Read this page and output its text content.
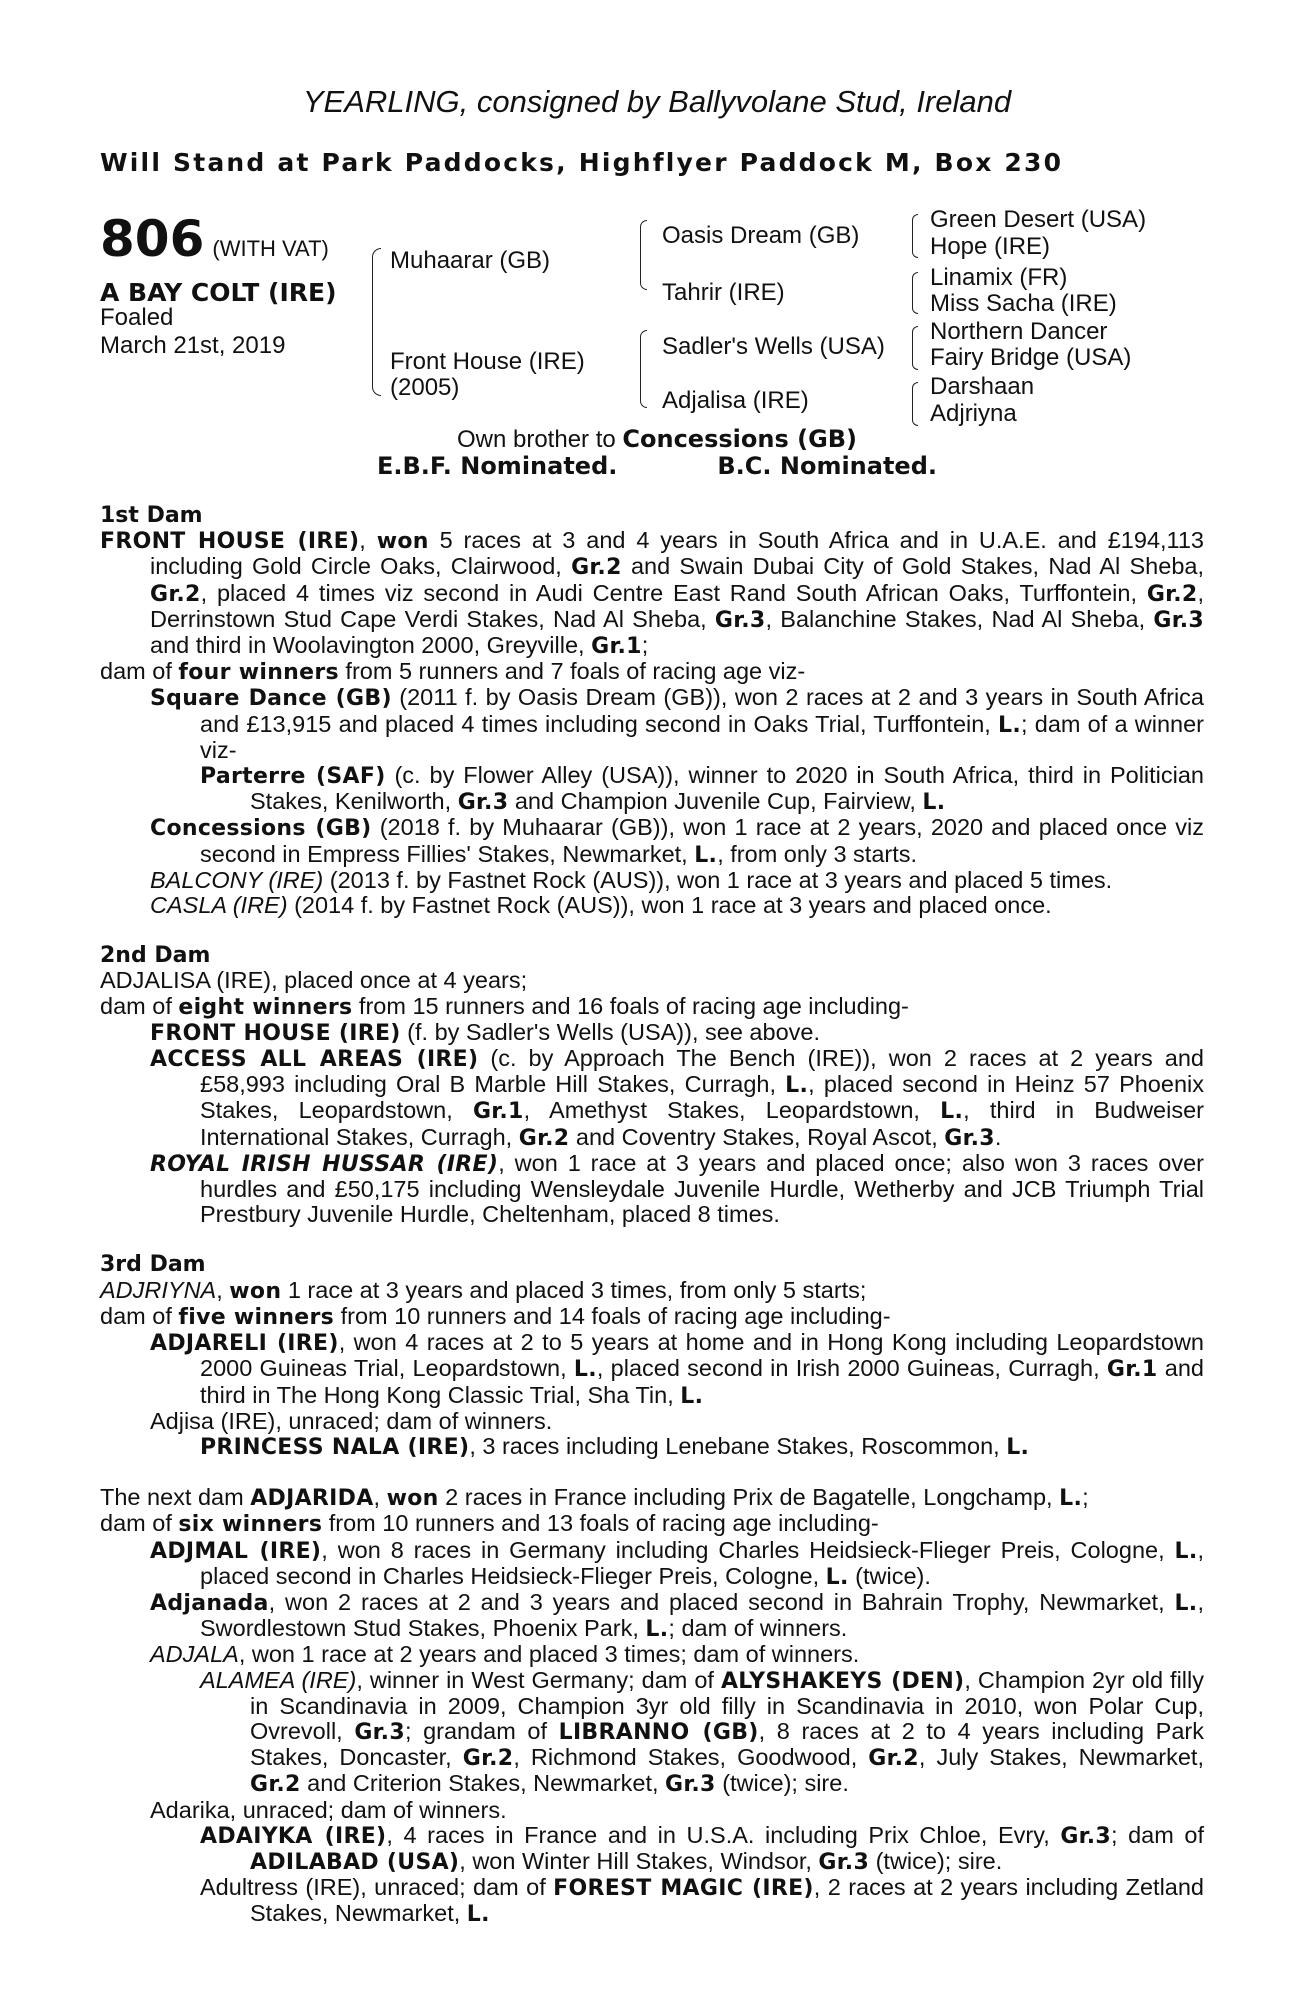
YEARLING, consigned by Ballyvolane Stud, Ireland
Will Stand at Park Paddocks, Highflyer Paddock M, Box 230
806 (WITH VAT)
A BAY COLT (IRE)
Foaled
March 21st, 2019
Muhaarar (GB)
Front House (IRE)
(2005)
Oasis Dream (GB)
Tahrir (IRE)
Sadler's Wells (USA)
Adjalisa (IRE)
Green Desert (USA)
Hope (IRE)
Linamix (FR)
Miss Sacha (IRE)
Northern Dancer
Fairy Bridge (USA)
Darshaan
Adjriyna
Own brother to Concessions (GB)
E.B.F. Nominated.	B.C. Nominated.
1st Dam
FRONT HOUSE (IRE), won 5 races at 3 and 4 years in South Africa and in U.A.E. and £194,113 including Gold Circle Oaks, Clairwood, Gr.2 and Swain Dubai City of Gold Stakes, Nad Al Sheba, Gr.2, placed 4 times viz second in Audi Centre East Rand South African Oaks, Turffontein, Gr.2, Derrinstown Stud Cape Verdi Stakes, Nad Al Sheba, Gr.3, Balanchine Stakes, Nad Al Sheba, Gr.3 and third in Woolavington 2000, Greyville, Gr.1;
dam of four winners from 5 runners and 7 foals of racing age viz-
Square Dance (GB) (2011 f. by Oasis Dream (GB)), won 2 races at 2 and 3 years in South Africa and £13,915 and placed 4 times including second in Oaks Trial, Turffontein, L.; dam of a winner viz-
Parterre (SAF) (c. by Flower Alley (USA)), winner to 2020 in South Africa, third in Politician Stakes, Kenilworth, Gr.3 and Champion Juvenile Cup, Fairview, L.
Concessions (GB) (2018 f. by Muhaarar (GB)), won 1 race at 2 years, 2020 and placed once viz second in Empress Fillies' Stakes, Newmarket, L., from only 3 starts.
BALCONY (IRE) (2013 f. by Fastnet Rock (AUS)), won 1 race at 3 years and placed 5 times.
CASLA (IRE) (2014 f. by Fastnet Rock (AUS)), won 1 race at 3 years and placed once.
2nd Dam
ADJALISA (IRE), placed once at 4 years;
dam of eight winners from 15 runners and 16 foals of racing age including-
FRONT HOUSE (IRE) (f. by Sadler's Wells (USA)), see above.
ACCESS ALL AREAS (IRE) (c. by Approach The Bench (IRE)), won 2 races at 2 years and £58,993 including Oral B Marble Hill Stakes, Curragh, L., placed second in Heinz 57 Phoenix Stakes, Leopardstown, Gr.1, Amethyst Stakes, Leopardstown, L., third in Budweiser International Stakes, Curragh, Gr.2 and Coventry Stakes, Royal Ascot, Gr.3.
ROYAL IRISH HUSSAR (IRE), won 1 race at 3 years and placed once; also won 3 races over hurdles and £50,175 including Wensleydale Juvenile Hurdle, Wetherby and JCB Triumph Trial Prestbury Juvenile Hurdle, Cheltenham, placed 8 times.
3rd Dam
ADJRIYNA, won 1 race at 3 years and placed 3 times, from only 5 starts;
dam of five winners from 10 runners and 14 foals of racing age including-
ADJARELI (IRE), won 4 races at 2 to 5 years at home and in Hong Kong including Leopardstown 2000 Guineas Trial, Leopardstown, L., placed second in Irish 2000 Guineas, Curragh, Gr.1 and third in The Hong Kong Classic Trial, Sha Tin, L.
Adjisa (IRE), unraced; dam of winners.
PRINCESS NALA (IRE), 3 races including Lenebane Stakes, Roscommon, L.
The next dam ADJARIDA, won 2 races in France including Prix de Bagatelle, Longchamp, L.;
dam of six winners from 10 runners and 13 foals of racing age including-
ADJMAL (IRE), won 8 races in Germany including Charles Heidsieck-Flieger Preis, Cologne, L., placed second in Charles Heidsieck-Flieger Preis, Cologne, L. (twice).
Adjanada, won 2 races at 2 and 3 years and placed second in Bahrain Trophy, Newmarket, L., Swordlestown Stud Stakes, Phoenix Park, L.; dam of winners.
ADJALA, won 1 race at 2 years and placed 3 times; dam of winners.
ALAMEA (IRE), winner in West Germany; dam of ALYSHAKEYS (DEN), Champion 2yr old filly in Scandinavia in 2009, Champion 3yr old filly in Scandinavia in 2010, won Polar Cup, Ovrevoll, Gr.3; grandam of LIBRANNO (GB), 8 races at 2 to 4 years including Park Stakes, Doncaster, Gr.2, Richmond Stakes, Goodwood, Gr.2, July Stakes, Newmarket, Gr.2 and Criterion Stakes, Newmarket, Gr.3 (twice); sire.
Adarika, unraced; dam of winners.
ADAIYKA (IRE), 4 races in France and in U.S.A. including Prix Chloe, Evry, Gr.3; dam of ADILABAD (USA), won Winter Hill Stakes, Windsor, Gr.3 (twice); sire.
Adultress (IRE), unraced; dam of FOREST MAGIC (IRE), 2 races at 2 years including Zetland Stakes, Newmarket, L.
